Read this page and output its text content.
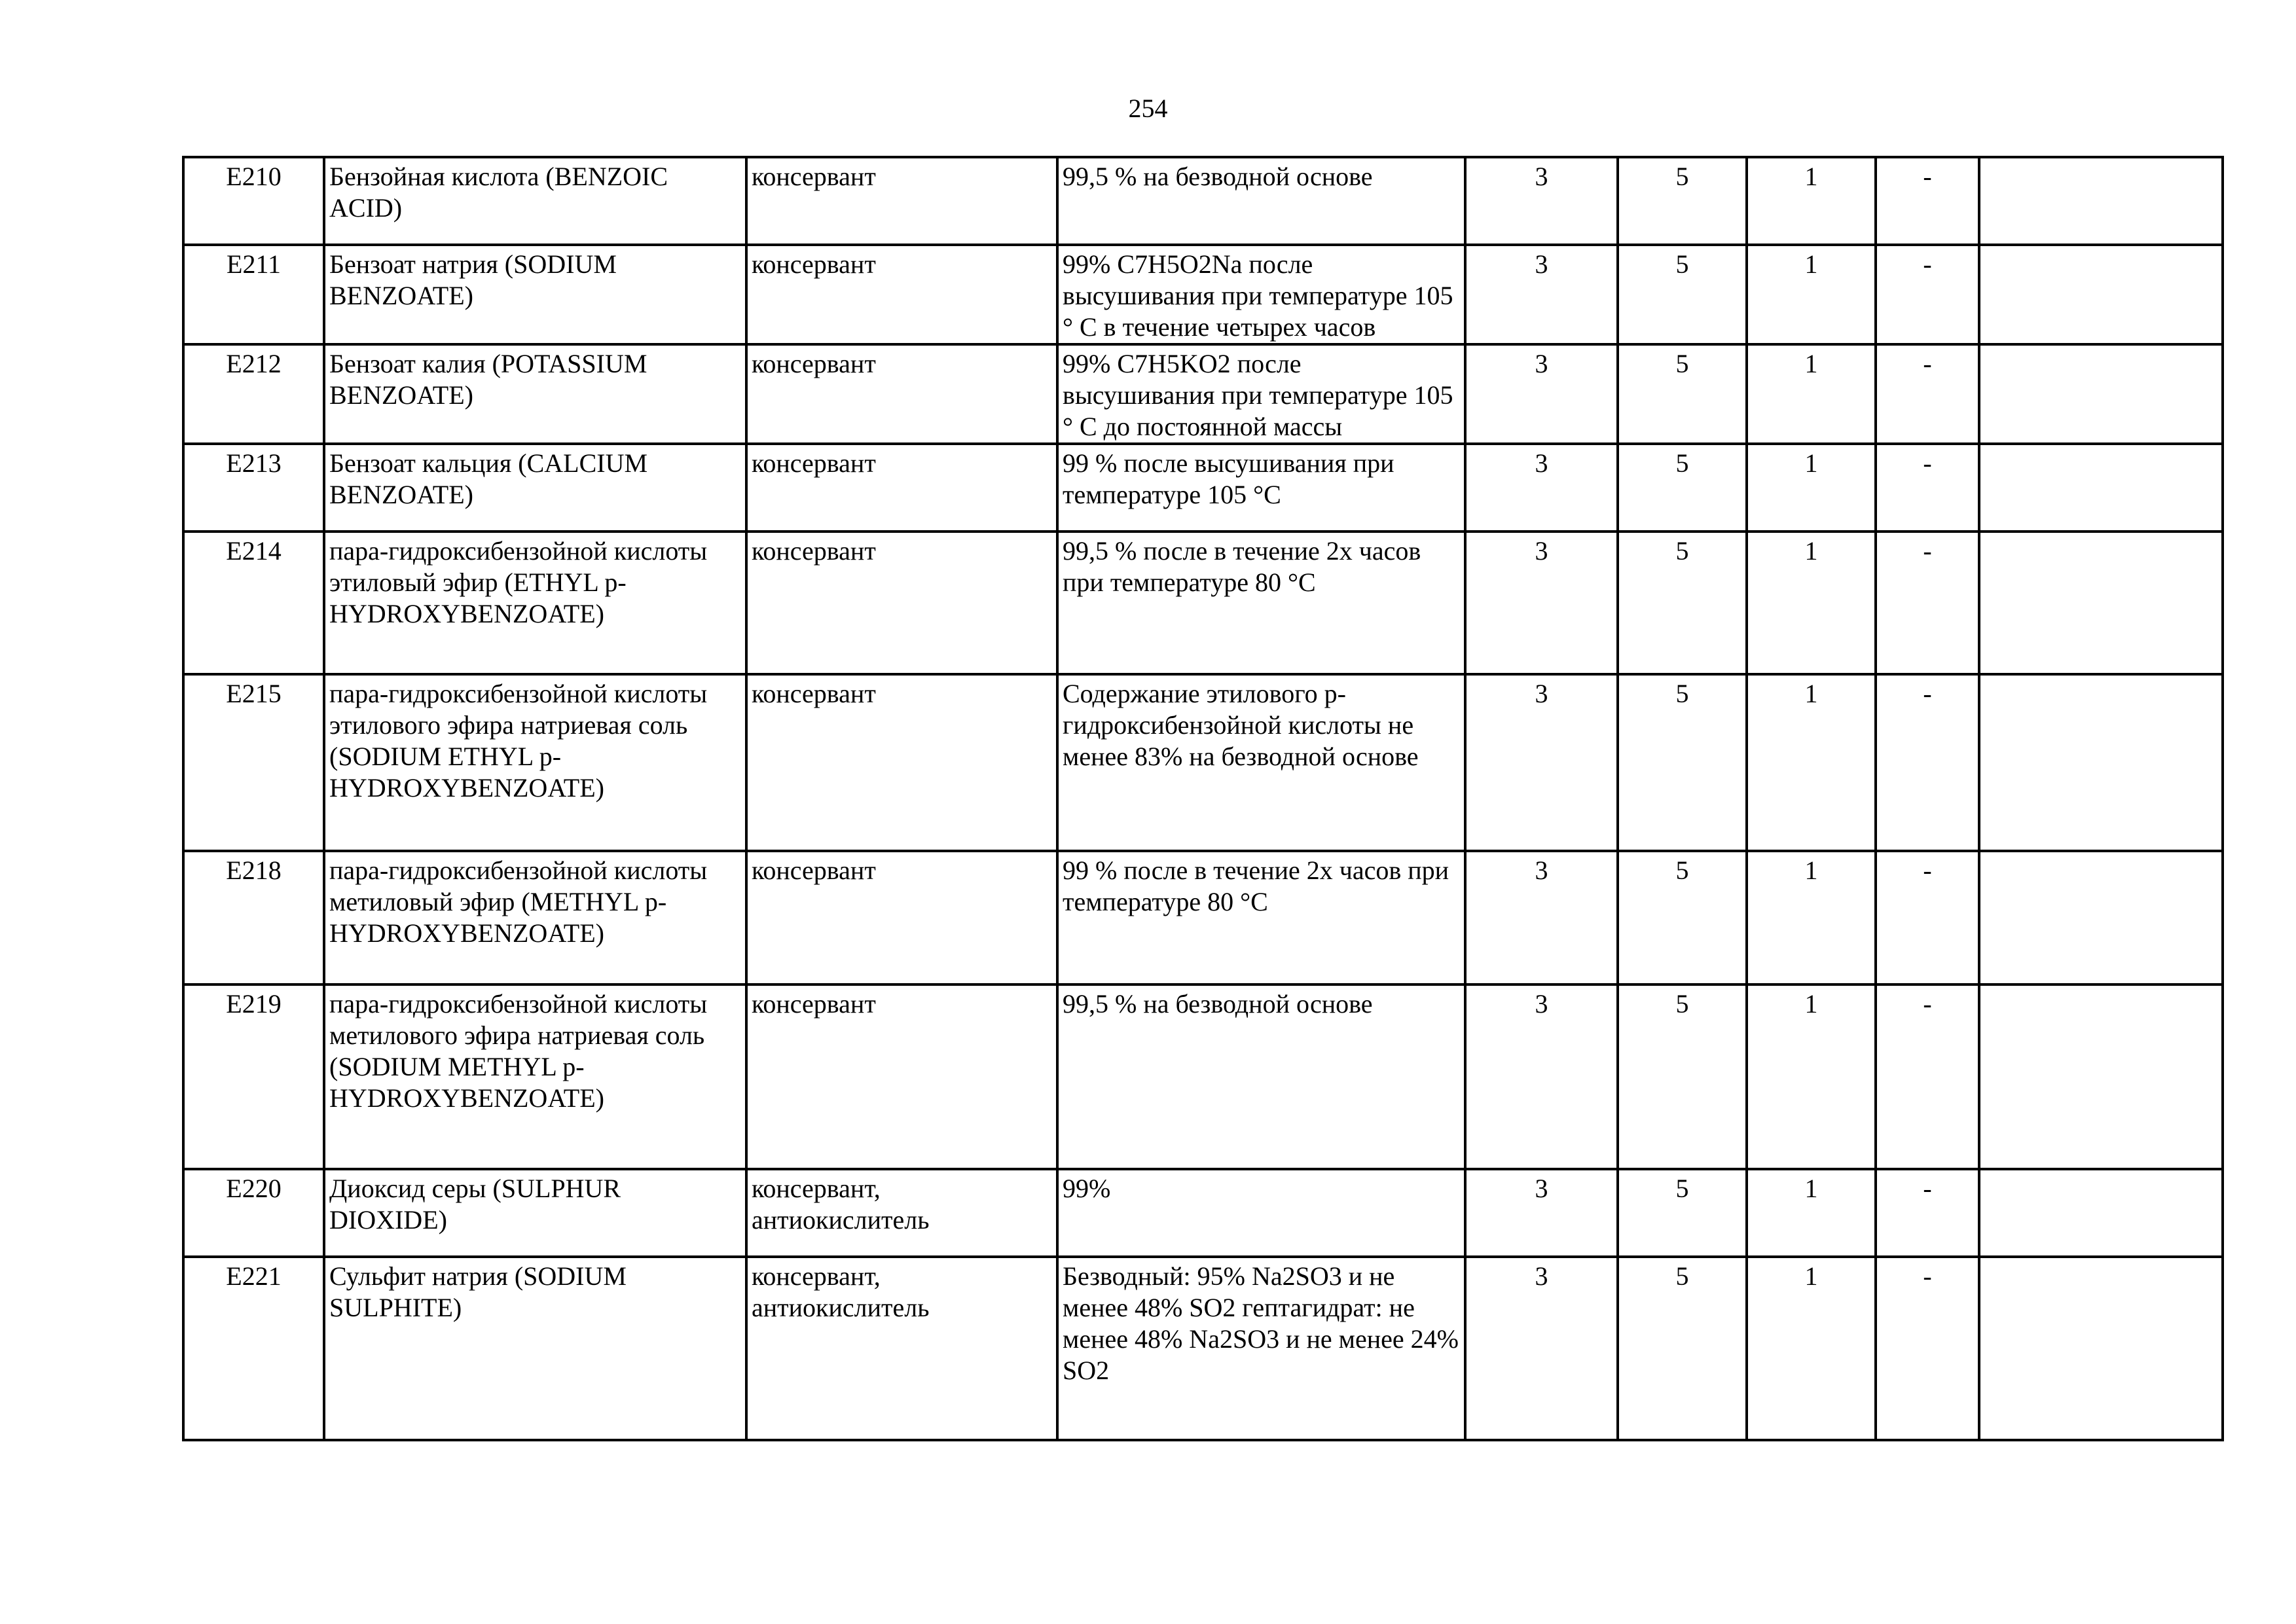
254
E210	Бензойная кислота (BENZOIC ACID)	консервант	99,5 % на безводной основе	3	5	1	-	
E211	Бензоат натрия (SODIUM BENZOATE)	консервант	99% C7H5O2Na после высушивания при температуре 105 ° С в течение четырех часов	3	5	1	-	
E212	Бензоат калия (POTASSIUM BENZOATE)	консервант	99% C7H5KO2 после высушивания при температуре 105 ° С до постоянной массы	3	5	1	-	
E213	Бензоат кальция (CALCIUM BENZOATE)	консервант	99 % после высушивания при температуре 105 °С	3	5	1	-	
E214	пара-гидроксибензойной кислоты этиловый эфир (ETHYL p-HYDROXYBENZOATE)	консервант	99,5 % после в течение 2х часов при температуре 80 °С	3	5	1	-	
E215	пара-гидроксибензойной кислоты этилового эфира натриевая соль (SODIUM ETHYL p-HYDROXYBENZOATE)	консервант	Содержание этилового p-гидроксибензойной кислоты не менее 83% на безводной основе	3	5	1	-	
E218	пара-гидроксибензойной кислоты метиловый эфир (METHYL p-HYDROXYBENZOATE)	консервант	99 % после в течение 2х часов при температуре 80 °С	3	5	1	-	
E219	пара-гидроксибензойной кислоты метилового эфира натриевая соль (SODIUM METHYL p-HYDROXYBENZOATE)	консервант	99,5 % на безводной основе	3	5	1	-	
E220	Диоксид серы (SULPHUR DIOXIDE)	консервант, антиокислитель	99%	3	5	1	-	
E221	Сульфит натрия (SODIUM SULPHITE)	консервант, антиокислитель	Безводный: 95% Na2SO3 и не менее 48% SO2 гептагидрат: не менее 48% Na2SO3 и не менее 24% SO2	3	5	1	-	
